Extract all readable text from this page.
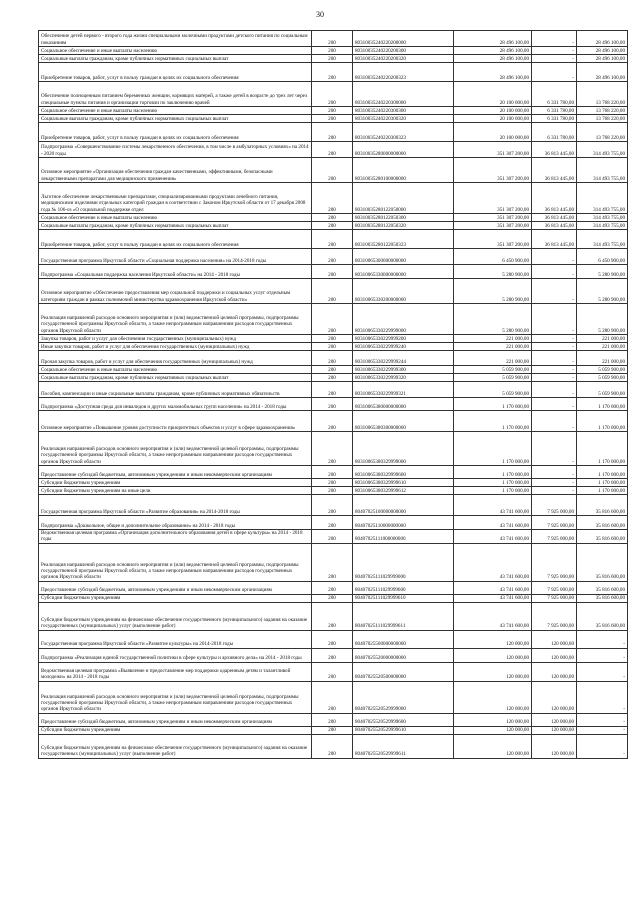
30
Обеспечение детей первого - второго года жизни специальными молочными продуктами детского питания по социальным показаниям	200	80310035240220200000	28 496 100,00	-	28 496 100,00
Социальное обеспечение и иные выплаты населению	200	80310035240220200300	28 496 100,00	-	28 496 100,00
Социальные выплаты гражданам, кроме публичных нормативных социальных выплат	200	80310035240220200320	28 496 100,00	-	28 496 100,00
Приобретение товаров, работ, услуг в пользу граждан в целях их социального обеспечения	200	80310035240220200323	28 496 100,00	-	28 496 100,00
Обеспечение полноценным питанием беременных женщин, кормящих матерей, а также детей в возрасте до трех лет через специальные пункты питания и организации торговли по заключению врачей	200	80310035240220300000	20 100 000,00	6 331 780,00	13 768 220,00
Социальное обеспечение и иные выплаты населению	200	80310035240220300300	20 100 000,00	6 331 780,00	13 768 220,00
Социальные выплаты гражданам, кроме публичных нормативных социальных выплат	200	80310035240220300320	20 100 000,00	6 331 780,00	13 768 220,00
Приобретение товаров, работ, услуг в пользу граждан в целях их социального обеспечения	200	80310035240220300323	20 100 000,00	6 331 780,00	13 768 220,00
Подпрограмма «Совершенствование системы лекарственного обеспечения, в том числе в амбулаторных условиях» на 2014 - 2020 годы	200	80310035280000000000	351 307 200,00	36 813 445,00	314 493 755,00
Основное мероприятие «Организация обеспечения граждан качественными, эффективными, безопасными лекарственными препаратами для медицинского применения»	200	80310035280100000000	351 307 200,00	36 813 445,00	314 493 755,00
Льготное обеспечение лекарственными препаратами, специализированными продуктами лечебного питания, медицинскими изделиями отдельных категорий граждан в соответствии с Законом Иркутской области от 17 декабря 2008 года № 106-оз «О социальной поддержке отдел	200	80310035280122050000	351 307 200,00	36 813 445,00	314 493 755,00
Социальное обеспечение и иные выплаты населению	200	80310035280122050300	351 307 200,00	36 813 445,00	314 493 755,00
Социальные выплаты гражданам, кроме публичных нормативных социальных выплат	200	80310035280122050320	351 307 200,00	36 813 445,00	314 493 755,00
Приобретение товаров, работ, услуг в пользу граждан в целях их социального обеспечения	200	80310035280122050323	351 307 200,00	36 813 445,00	314 493 755,00
Государственная программа Иркутской области «Социальная поддержка населения» на 2014-2018 годы	200	80310065300000000000	6 450 900,00	-	6 450 900,00
Подпрограмма «Социальная поддержка населения Иркутской области» на 2014 - 2018 годы	200	80310065330000000000	5 280 900,00	-	5 280 900,00
Основное мероприятие «Обеспечение предоставления мер социальной поддержки и социальных услуг отдельным категориям граждан в рамках полномочий министерства здравоохранения Иркутской области»	200	80310065330200000000	5 280 900,00	-	5 280 900,00
Реализация направлений расходов основного мероприятия и (или) ведомственной целевой программы, подпрограммы государственной программы Иркутской области, а также непрограммным направлениям расходов государственных органов Иркутской области	200	80310065330229999000	5 280 900,00	-	5 280 900,00
Закупка товаров, работ и услуг для обеспечения государственных (муниципальных) нужд	200	80310065330229999200	221 000,00	-	221 000,00
Иные закупки товаров, работ и услуг для обеспечения государственных (муниципальных) нужд	200	80310065330229999240	221 000,00	-	221 000,00
Прочая закупка товаров, работ и услуг для обеспечения государственных (муниципальных) нужд	200	80310065330229999244	221 000,00	-	221 000,00
Социальное обеспечение и иные выплаты населению	200	80310065330229999300	5 059 900,00	-	5 059 900,00
Социальные выплаты гражданам, кроме публичных нормативных социальных выплат	200	80310065330229999320	5 059 900,00	-	5 059 900,00
Пособия, компенсации и иные социальные выплаты гражданам, кроме публичных нормативных обязательств	200	80310065330229999321	5 059 900,00	-	5 059 900,00
Подпрограмма «Доступная среда для инвалидов и других маломобильных групп населения» на 2014 - 2018 годы	200	80310065380000000000	1 170 000,00	-	1 170 000,00
Основное мероприятие «Повышение уровня доступности приоритетных объектов и услуг в сфере здравоохранения»	200	80310065380300000000	1 170 000,00	-	1 170 000,00
Реализация направлений расходов основного мероприятия и (или) ведомственной целевой программы, подпрограммы государственной программы Иркутской области, а также непрограммным направлениям расходов государственных органов Иркутской области	200	80310065380329999000	1 170 000,00	-	1 170 000,00
Предоставление субсидий бюджетным, автономным учреждениям и иным некоммерческим организациям	200	80310065380329999600	1 170 000,00	-	1 170 000,00
Субсидии бюджетным учреждениям	200	80310065380329999610	1 170 000,00	-	1 170 000,00
Субсидии бюджетным учреждениям на иные цели	200	80310065380329999612	1 170 000,00	-	1 170 000,00
Государственная программа Иркутской области «Развитие образования» на 2014-2018 годы	200	80407025100000000000	43 741 600,00	7 925 000,00	35 816 600,00
Подпрограмма «Дошкольное, общее и дополнительное образование» на 2014 - 2018 годы	200	80407025110000000000	43 741 600,00	7 925 000,00	35 816 600,00
Ведомственная целевая программа «Организация дополнительного образования детей в сфере культуры» на 2014 - 2018 годы	200	80407025111000000000	43 741 600,00	7 925 000,00	35 816 600,00
Реализация направлений расходов основного мероприятия и (или) ведомственной целевой программы, подпрограммы государственной программы Иркутской области, а также непрограммным направлениям расходов государственных органов Иркутской области	200	80407025111029999000	43 741 600,00	7 925 000,00	35 816 600,00
Предоставление субсидий бюджетным, автономным учреждениям и иным некоммерческим организациям	200	80407025111029999600	43 741 600,00	7 925 000,00	35 816 600,00
Субсидии бюджетным учреждениям	200	80407025111029999610	43 741 600,00	7 925 000,00	35 816 600,00
Субсидии бюджетным учреждениям на финансовое обеспечение государственного (муниципального) задания на оказание государственных (муниципальных) услуг (выполнение работ)	200	80407025111029999611	43 741 600,00	7 925 000,00	35 816 600,00
Государственная программа Иркутской области «Развитие культуры» на 2014-2018 годы	200	80407025500000000000	120 000,00	120 000,00	-
Подпрограмма «Реализация единой государственной политики в сфере культуры и архивного дела» на 2014 - 2018 годы	200	80407025520000000000	120 000,00	120 000,00	-
Ведомственная целевая программа «Выявление и предоставление мер поддержки одаренным детям и талантливой молодежи» на 2014 - 2018 годы	200	80407025520500000000	120 000,00	120 000,00	-
Реализация направлений расходов основного мероприятия и (или) ведомственной целевой программы, подпрограммы государственной программы Иркутской области, а также непрограммным направлениям расходов государственных органов Иркутской области	200	80407025520529999000	120 000,00	120 000,00	-
Предоставление субсидий бюджетным, автономным учреждениям и иным некоммерческим организациям	200	80407025520529999600	120 000,00	120 000,00	-
Субсидии бюджетным учреждениям	200	80407025520529999610	120 000,00	120 000,00	-
Субсидии бюджетным учреждениям на финансовое обеспечение государственного (муниципального) задания на оказание государственных (муниципальных) услуг (выполнение работ)	200	80407025520529999611	120 000,00	120 000,00	-
